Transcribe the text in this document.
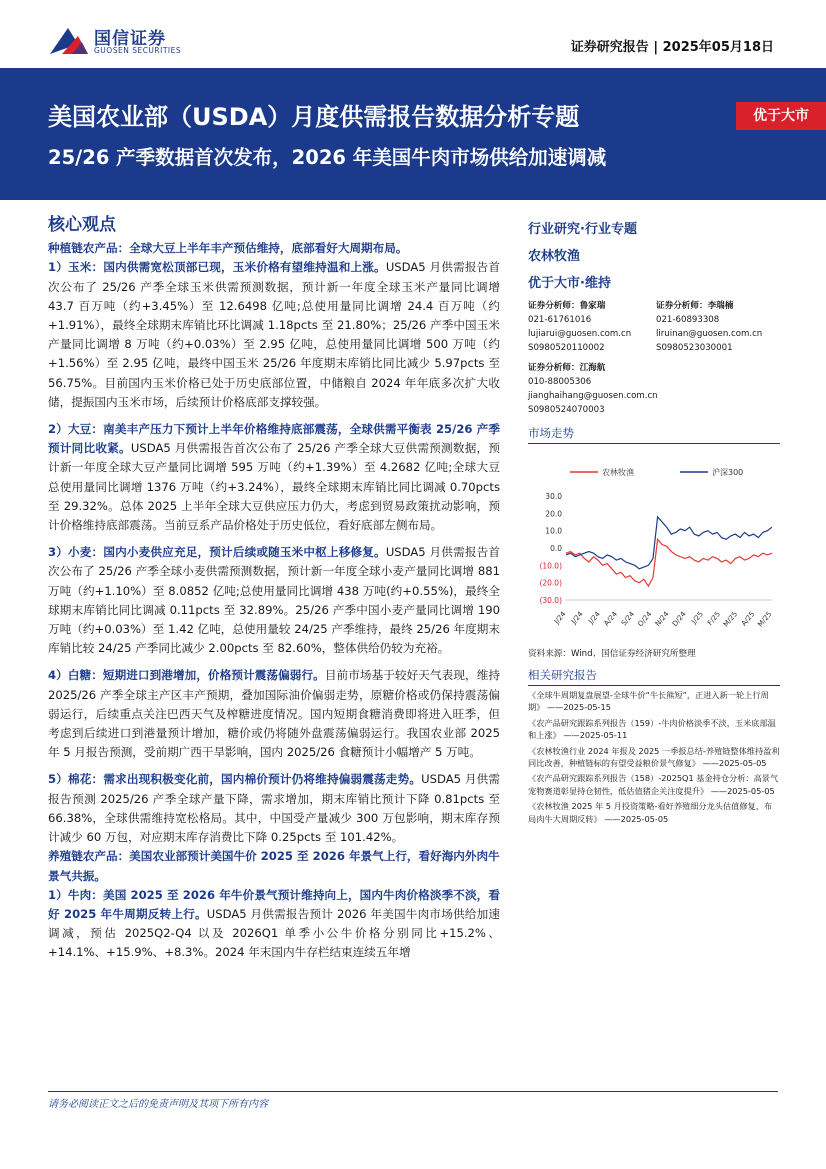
国信证券
GUOSEN SECURITIES	证券研究报告 | 2025年05月18日
美国农业部（USDA）月度供需报告数据分析专题
25/26 产季数据首次发布，2026 年美国牛肉市场供给加速调减
优于大市
核心观点

种植链农产品：全球大豆上半年丰产预估维持，底部看好大周期布局。

1）玉米：国内供需宽松顶部已现，玉米价格有望维持温和上涨。USDA5 月供需报告首次公布了 25/26 产季全球玉米供需预测数据，预计新一年度全球玉米产量同比调增 43.7 百万吨（约+3.45%）至 12.6498 亿吨;总使用量同比调增 24.4 百万吨（约+1.91%），最终全球期末库销比环比调减 1.18pcts 至 21.80%；25/26 产季中国玉米产量同比调增 8 万吨（约+0.03%）至 2.95 亿吨，总使用量同比调增 500 万吨（约+1.56%）至 2.95 亿吨，最终中国玉米 25/26 年度期末库销比同比减少 5.97pcts 至 56.75%。目前国内玉米价格已处于历史底部位置，中储粮自 2024 年年底多次扩大收储，提振国内玉米市场，后续预计价格底部支撑较强。

2）大豆：南美丰产压力下预计上半年价格维持底部震荡，全球供需平衡表 25/26 产季预计同比收紧。USDA5 月供需报告首次公布了 25/26 产季全球大豆供需预测数据，预计新一年度全球大豆产量同比调增 595 万吨（约+1.39%）至 4.2682 亿吨;全球大豆总使用量同比调增 1376 万吨（约+3.24%），最终全球期末库销比同比调减 0.70pcts 至 29.32%。总体 2025 上半年全球大豆供应压力仍大，考虑到贸易政策扰动影响，预计价格维持底部震荡。当前豆系产品价格处于历史低位，看好底部左侧布局。

3）小麦：国内小麦供应充足，预计后续或随玉米中枢上移修复。USDA5 月供需报告首次公布了 25/26 产季全球小麦供需预测数据，预计新一年度全球小麦产量同比调增 881 万吨（约+1.10%）至 8.0852 亿吨;总使用量同比调增 438 万吨(约+0.55%)，最终全球期末库销比同比调减 0.11pcts 至 32.89%。25/26 产季中国小麦产量同比调增 190 万吨（约+0.03%）至 1.42 亿吨，总使用量较 24/25 产季维持，最终 25/26 年度期末库销比较 24/25 产季同比减少 2.00pcts 至 82.60%，整体供给仍较为充裕。

4）白糖：短期进口到港增加，价格预计震荡偏弱行。目前市场基于较好天气表现，维持 2025/26 产季全球主产区丰产预期，叠加国际油价偏弱走势，原糖价格或仍保持震荡偏弱运行，后续重点关注巴西天气及榨糖进度情况。国内短期食糖消费即将进入旺季，但考虑到后续进口到港量预计增加，糖价或仍将随外盘震荡偏弱运行。我国农业部 2025 年 5 月报告预测，受前期广西干旱影响，国内 2025/26 食糖预计小幅增产 5 万吨。

5）棉花：需求出现积极变化前，国内棉价预计仍将维持偏弱震荡走势。USDA5 月供需报告预测 2025/26 产季全球产量下降，需求增加，期末库销比预计下降 0.81pcts 至 66.38%，全球供需维持宽松格局。其中，中国受产量减少 300 万包影响，期末库存预计减少 60 万包，对应期末库存消费比下降 0.25pcts 至 101.42%。

养殖链农产品：美国农业部预计美国牛价 2025 至 2026 年景气上行，看好海内外肉牛景气共振。

1）牛肉：美国 2025 至 2026 年牛价景气预计维持向上，国内牛肉价格淡季不淡，看好 2025 年牛周期反转上行。USDA5 月供需报告预计 2026 年美国牛肉市场供给加速调减，预估 2025Q2-Q4 以及 2026Q1 单季小公牛价格分别同比+15.2%、+14.1%、+15.9%、+8.3%。2024 年末国内牛存栏结束连续五年增

行业研究·行业专题
农林牧渔
优于大市·维持
证券分析师：鲁家瑞
021-61761016
lujiarui@guosen.com.cn
S0980520110002
证券分析师：李瑞楠
021-60893308
liruinan@guosen.com.cn
S0980523030001
证券分析师：江海航
010-88005306
jianghaihang@guosen.com.cn
S0980524070003
市场走势
农林牧渔	沪深300
30.0
20.0
10.0
0.0
(10.0)
(20.0)
(30.0)
J/24 J/24 J/24 A/24 S/24 O/24 N/24 D/24 J/25 F/25 M/25 A/25 M/25
资料来源：Wind、国信证券经济研究所整理
相关研究报告
《全球牛周期复盘展望-全球牛价“牛长熊短”，正进入新一轮上行周期》 ——2025-05-15
《农产品研究跟踪系列报告（159）-牛肉价格淡季不淡，玉米底部温和上涨》 ——2025-05-11
《农林牧渔行业 2024 年报及 2025 一季报总结-养殖链整体维持盈利同比改善，种植链标的有望受益粮价景气修复》 ——2025-05-05
《农产品研究跟踪系列报告（158）-2025Q1 基金持仓分析：高景气宠物赛道彰显持仓韧性，低估值猪企关注度提升》 ——2025-05-05
《农林牧渔 2025 年 5 月投资策略-看好养殖细分龙头估值修复，布局肉牛大周期反转》 ——2025-05-05
请务必阅读正文之后的免责声明及其项下所有内容
